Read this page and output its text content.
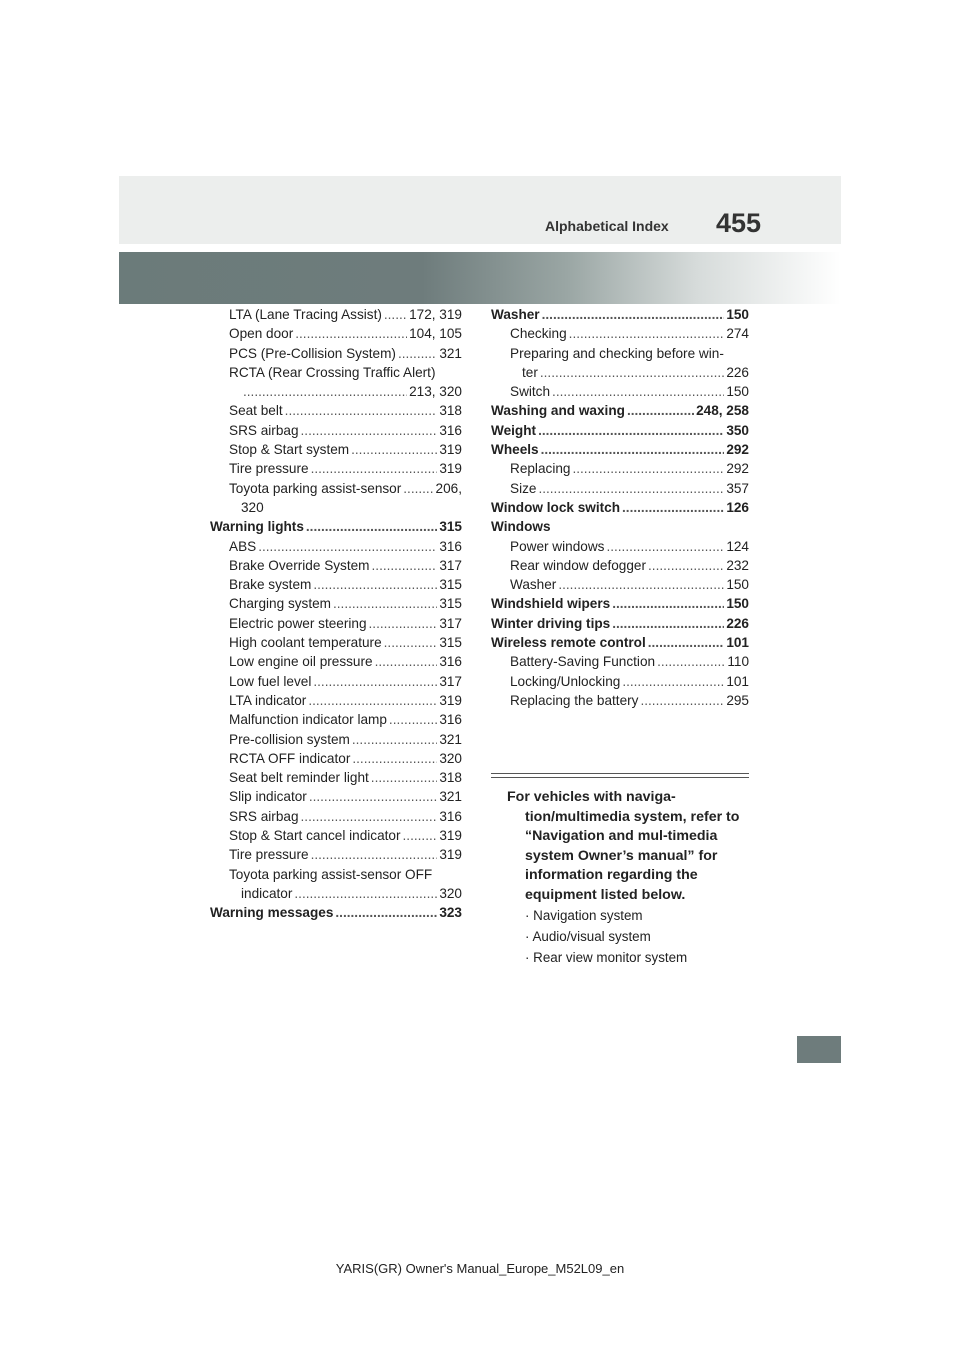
455
Alphabetical Index
LTA (Lane Tracing Assist) ..... 172, 319
Open door .....	104, 105
PCS (Pre-Collision System) .....	321
RCTA (Rear Crossing Traffic Alert)
.....
213, 320
Seat belt .....	318
SRS airbag .....	316
Stop & Start system .....	319
Tire pressure .....	319
Toyota parking assist-sensor .....	206,
320
Warning lights .....	315
ABS .....	316
Brake Override System .....	317
Brake system .....	315
Charging system .....	315
Electric power steering .....	317
High coolant temperature .....	315
Low engine oil pressure .....	316
Low fuel level .....	317
LTA indicator .....	319
Malfunction indicator lamp .....	316
Pre-collision system .....	321
RCTA OFF indicator .....	320
Seat belt reminder light .....	318
Slip indicator .....	321
SRS airbag .....	316
Stop & Start cancel indicator .....	319
Tire pressure .....	319
Toyota parking assist-sensor OFF
indicator .....	320
Warning messages .....	323
Washer .....	150
Checking .....	274
Preparing and checking before win-
ter .....	226
Switch .....	150
Washing and waxing .....	248, 258
Weight .....	350
Wheels .....	292
Replacing .....	292
Size .....	357
Window lock switch .....	126
Windows
Power windows .....	124
Rear window defogger .....	232
Washer .....	150
Windshield wipers .....	150
Winter driving tips .....	226
Wireless remote control .....	101
Battery-Saving Function .....	110
Locking/Unlocking .....	101
Replacing the battery .....	295
For vehicles with naviga-tion/multimedia system, refer to “Navigation and mul-timedia system Owner’s manual” for information regarding the equipment listed below.
· Navigation system
· Audio/visual system
· Rear view monitor system
YARIS(GR) Owner's Manual_Europe_M52L09_en
